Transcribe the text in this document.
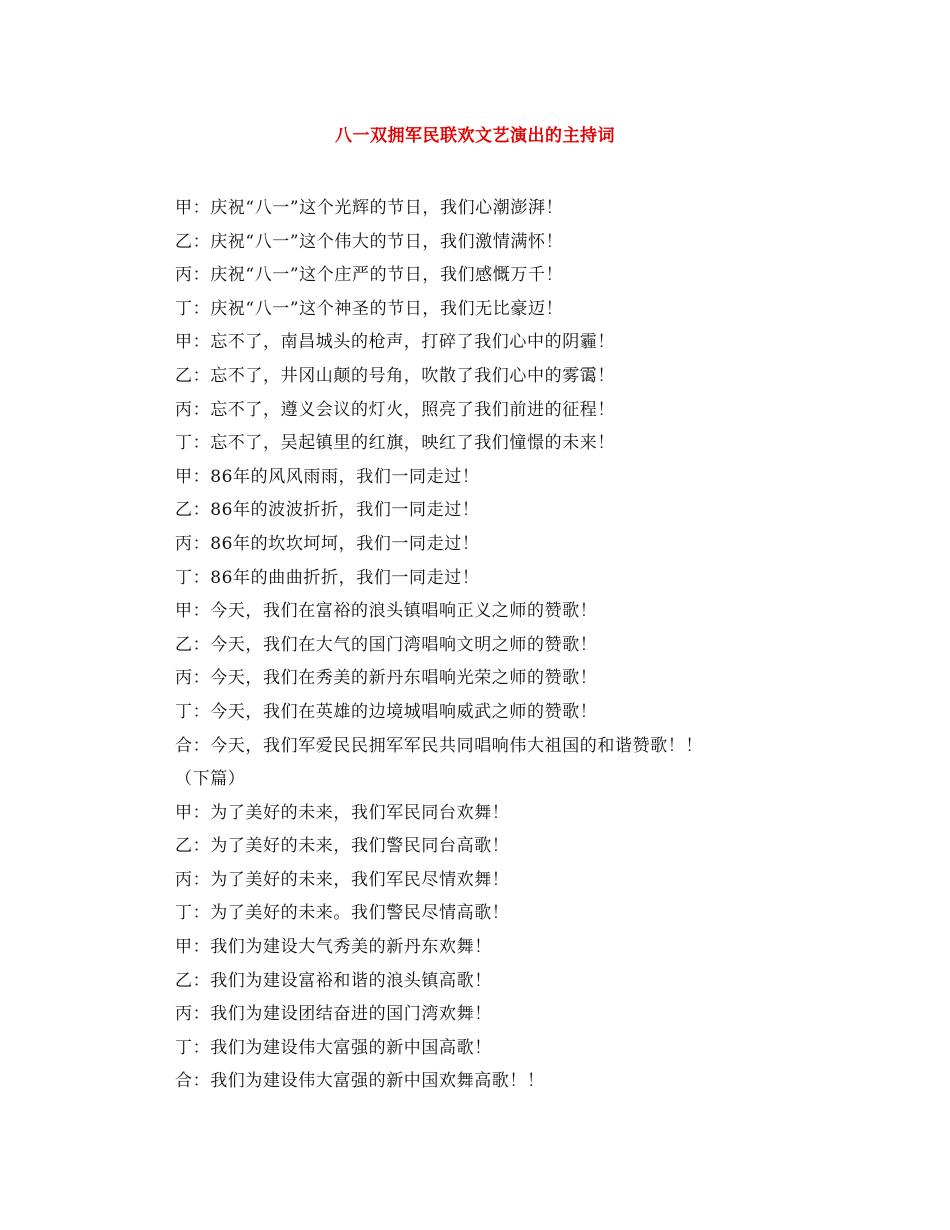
八一双拥军民联欢文艺演出的主持词
甲：庆祝“八一”这个光辉的节日，我们心潮澎湃！
乙：庆祝“八一”这个伟大的节日，我们激情满怀！
丙：庆祝“八一”这个庄严的节日，我们感慨万千！
丁：庆祝“八一”这个神圣的节日，我们无比豪迈！
甲：忘不了，南昌城头的枪声，打碎了我们心中的阴霾！
乙：忘不了，井冈山颠的号角，吹散了我们心中的雾霭！
丙：忘不了，遵义会议的灯火，照亮了我们前进的征程！
丁：忘不了，吴起镇里的红旗，映红了我们憧憬的未来！
甲：86年的风风雨雨，我们一同走过！
乙：86年的波波折折，我们一同走过！
丙：86年的坎坎坷坷，我们一同走过！
丁：86年的曲曲折折，我们一同走过！
甲：今天，我们在富裕的浪头镇唱响正义之师的赞歌！
乙：今天，我们在大气的国门湾唱响文明之师的赞歌！
丙：今天，我们在秀美的新丹东唱响光荣之师的赞歌！
丁：今天，我们在英雄的边境城唱响威武之师的赞歌！
合：今天，我们军爱民民拥军军民共同唱响伟大祖国的和谐赞歌！！
（下篇）
甲：为了美好的未来，我们军民同台欢舞！
乙：为了美好的未来，我们警民同台高歌！
丙：为了美好的未来，我们军民尽情欢舞！
丁：为了美好的未来。我们警民尽情高歌！
甲：我们为建设大气秀美的新丹东欢舞！
乙：我们为建设富裕和谐的浪头镇高歌！
丙：我们为建设团结奋进的国门湾欢舞！
丁：我们为建设伟大富强的新中国高歌！
合：我们为建设伟大富强的新中国欢舞高歌！！
